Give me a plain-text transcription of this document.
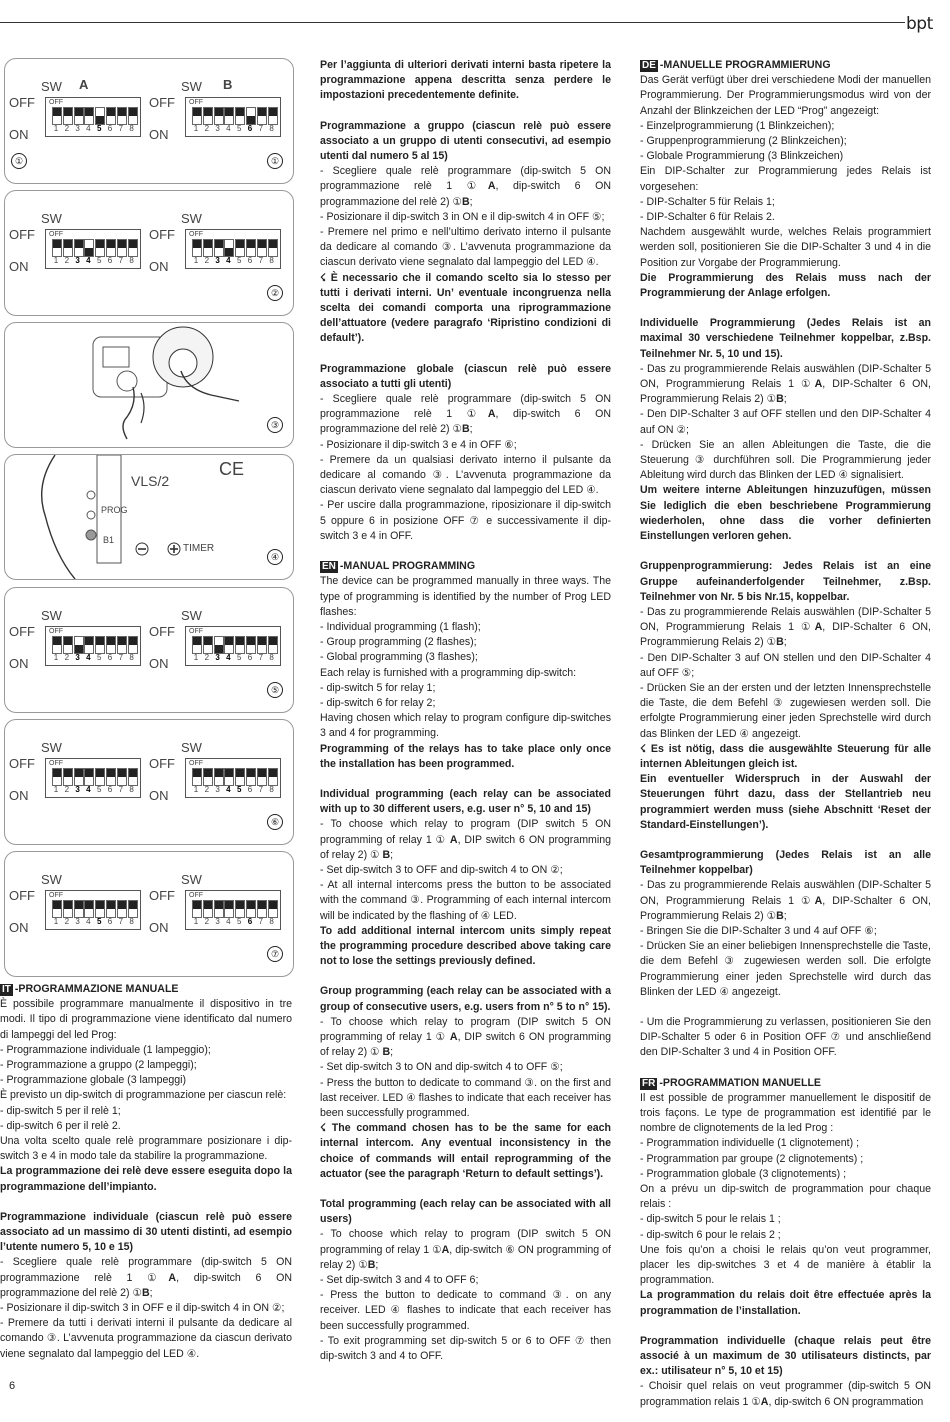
bpt
SW A
OFF
ON
OFF
1 2 3 4 5 6 7 8
SW B
OFF
ON
OFF
1 2 3 4 5 6 7 8
①	①
SW
OFF
ON
OFF
1 2 3 4 5 6 7 8
SW
OFF
ON
OFF
1 2 3 4 5 6 7 8
②
③
VLS/2
CE
PROG
B1
TIMER
④
SW
OFF
ON
OFF
1 2 3 4 5 6 7 8
SW
OFF
ON
OFF
1 2 3 4 5 6 7 8
⑤
SW
OFF
ON
OFF
1 2 3 4 5 6 7 8
SW
OFF
ON
OFF
1 2 3 4 5 6 7 8
⑥
SW
OFF
ON
OFF
1 2 3 4 5 6 7 8
SW
OFF
ON
OFF
1 2 3 4 5 6 7 8
⑦

IT -PROGRAMMAZIONE MANUALE

È possibile programmare manualmente il dispositivo in tre modi. Il tipo di programmazione viene identificato dal numero di lampeggi del led Prog:

- Programmazione individuale (1 lampeggio);

- Programmazione a gruppo (2 lampeggi);

- Programmazione globale (3 lampeggi)

È previsto un dip-switch di programmazione per ciascun relè:

- dip-switch 5 per il relè 1;

- dip-switch 6 per il relè 2.

Una volta scelto quale relè programmare posizionare i dip-switch 3 e 4 in modo tale da stabilire la programmazione.

La programmazione dei relè deve essere eseguita dopo la programmazione dell’impianto.

Programmazione individuale (ciascun relè può essere associato ad un massimo di 30 utenti distinti, ad esempio l’utente numero 5, 10 e 15)

- Scegliere quale relè programmare (dip-switch 5 ON programmazione relè 1 ①A, dip-switch 6 ON programmazione del relè 2) ①B;

- Posizionare il dip-switch 3 in OFF e il dip-switch 4 in ON ②;

- Premere da tutti i derivati interni il pulsante da dedicare al comando ③. L’avvenuta programmazione da ciascun derivato viene segnalato dal lampeggio del LED ④.

Per l’aggiunta di ulteriori derivati interni basta ripetere la programmazione appena descritta senza perdere le impostazioni precedentemente definite.

Programmazione a gruppo (ciascun relè può essere associato a un gruppo di utenti consecutivi, ad esempio utenti dal numero 5 al 15)

- Scegliere quale relè programmare (dip-switch 5 ON programmazione relè 1 ①A, dip-switch 6 ON programmazione del relè 2) ①B;

- Posizionare il dip-switch 3 in ON e il dip-switch 4 in OFF ⑤;

- Premere nel primo e nell’ultimo derivato interno il pulsante da dedicare al comando ③. L’avvenuta programmazione da ciascun derivato viene segnalato dal lampeggio del LED ④.

☇ È necessario che il comando scelto sia lo stesso per tutti i derivati interni. Un’ eventuale incongruenza nella scelta dei comandi comporta una riprogrammazione dell’attuatore (vedere paragrafo ‘Ripristino condizioni di default’).

Programmazione globale (ciascun relè può essere associato a tutti gli utenti)

- Scegliere quale relè programmare (dip-switch 5 ON programmazione relè 1 ①A, dip-switch 6 ON programmazione del relè 2) ①B;

- Posizionare il dip-switch 3 e 4 in OFF ⑥;

- Premere da un qualsiasi derivato interno il pulsante da dedicare al comando ③. L’avvenuta programmazione da ciascun derivato viene segnalato dal lampeggio del LED ④.

- Per uscire dalla programmazione, riposizionare il dip-switch 5 oppure 6 in posizione OFF ⑦ e successivamente il dip-switch 3 e 4 in OFF.

EN -MANUAL PROGRAMMING

The device can be programmed manually in three ways. The type of programming is identified by the number of Prog LED flashes:

- Individual programming (1 flash);

- Group programming (2 flashes);

- Global programming (3 flashes);

Each relay is furnished with a programming dip-switch:

- dip-switch 5 for relay 1;

- dip-switch 6 for relay 2;

Having chosen which relay to program configure dip-switches 3 and 4 for programming.

Programming of the relays has to take place only once the installation has been programmed.

Individual programming (each relay can be associated with up to 30 different users, e.g. user n° 5, 10 and 15)

- To choose which relay to program (DIP switch 5 ON programming of relay 1 ① A, DIP switch 6 ON programming of relay 2) ① B;

- Set dip-switch 3 to OFF and dip-switch 4 to ON ②;

- At all internal intercoms press the button to be associated with the command ③. Programming of each internal intercom will be indicated by the flashing of ④ LED.

To add additional internal intercom units simply repeat the programming procedure described above taking care not to lose the settings previously defined.

Group programming (each relay can be associated with a group of consecutive users, e.g. users from n° 5 to n° 15).

- To choose which relay to program (DIP switch 5 ON programming of relay 1 ① A, DIP switch 6 ON programming of relay 2) ① B;

- Set dip-switch 3 to ON and dip-switch 4 to OFF ⑤;

- Press the button to dedicate to command ③. on the first and last receiver. LED ④ flashes to indicate that each receiver has been successfully programmed.

☇ The command chosen has to be the same for each internal intercom. Any eventual inconsistency in the choice of commands will entail reprogramming of the actuator (see the paragraph ‘Return to default settings’).

Total programming (each relay can be associated with all users)

- To choose which relay to program (DIP switch 5 ON programming of relay 1 ①A, dip-switch ⑥ ON programming of relay 2) ①B;

- Set dip-switch 3 and 4 to OFF 6;

- Press the button to dedicate to command ③. on any receiver. LED ④ flashes to indicate that each receiver has been successfully programmed.

- To exit programming set dip-switch 5 or 6 to OFF ⑦ then dip-switch 3 and 4 to OFF.

DE -MANUELLE PROGRAMMIERUNG

Das Gerät verfügt über drei verschiedene Modi der manuellen Programmierung. Der Programmierungsmodus wird von der Anzahl der Blinkzeichen der LED “Prog” angezeigt:

- Einzelprogrammierung (1 Blinkzeichen);

- Gruppenprogrammierung (2 Blinkzeichen);

- Globale Programmierung (3 Blinkzeichen)

Ein DIP-Schalter zur Programmierung jedes Relais ist vorgesehen:

- DIP-Schalter 5 für Relais 1;

- DIP-Schalter 6 für Relais 2.

Nachdem ausgewählt wurde, welches Relais programmiert werden soll, positionieren Sie die DIP-Schalter 3 und 4 in die Position zur Vorgabe der Programmierung.

Die Programmierung des Relais muss nach der Programmierung der Anlage erfolgen.

Individuelle Programmierung (Jedes Relais ist an maximal 30 verschiedene Teilnehmer koppelbar, z.Bsp. Teilnehmer Nr. 5, 10 und 15).

- Das zu programmierende Relais auswählen (DIP-Schalter 5 ON, Programmierung Relais 1 ①A, DIP-Schalter 6 ON, Programmierung Relais 2) ①B;

- Den DIP-Schalter 3 auf OFF stellen und den DIP-Schalter 4 auf ON ②;

- Drücken Sie an allen Ableitungen die Taste, die die Steuerung ③ durchführen soll. Die Programmierung jeder Ableitung wird durch das Blinken der LED ④ signalisiert.

Um weitere interne Ableitungen hinzuzufügen, müssen Sie lediglich die eben beschriebene Programmierung wiederholen, ohne dass die vorher definierten Einstellungen verloren gehen.

Gruppenprogrammierung: Jedes Relais ist an eine Gruppe aufeinanderfolgender Teilnehmer, z.Bsp. Teilnehmer von Nr. 5 bis Nr.15, koppelbar.

- Das zu programmierende Relais auswählen (DIP-Schalter 5 ON, Programmierung Relais 1 ①A, DIP-Schalter 6 ON, Programmierung Relais 2) ①B;

- Den DIP-Schalter 3 auf ON stellen und den DIP-Schalter 4 auf OFF ⑤;

- Drücken Sie an der ersten und der letzten Innensprechstelle die Taste, die dem Befehl ③ zugewiesen werden soll. Die erfolgte Programmierung einer jeden Sprechstelle wird durch das Blinken der LED ④ angezeigt.

☇ Es ist nötig, dass die ausgewählte Steuerung für alle internen Ableitungen gleich ist.

Ein eventueller Widerspruch in der Auswahl der Steuerungen führt dazu, dass der Stellantrieb neu programmiert werden muss (siehe Abschnitt ‘Reset der Standard-Einstellungen’).

Gesamtprogrammierung (Jedes Relais ist an alle Teilnehmer koppelbar)

- Das zu programmierende Relais auswählen (DIP-Schalter 5 ON, Programmierung Relais 1 ①A, DIP-Schalter 6 ON, Programmierung Relais 2) ①B;

- Bringen Sie die DIP-Schalter 3 und 4 auf OFF ⑥;

- Drücken Sie an einer beliebigen Innensprechstelle die Taste, die dem Befehl ③ zugewiesen werden soll. Die erfolgte Programmierung einer jeden Sprechstelle wird durch das Blinken der LED ④ angezeigt.

- Um die Programmierung zu verlassen, positionieren Sie den DIP-Schalter 5 oder 6 in Position OFF ⑦ und anschließend den DIP-Schalter 3 und 4 in Position OFF.

FR -PROGRAMMATION MANUELLE

Il est possible de programmer manuellement le dispositif de trois façons. Le type de programmation est identifié par le nombre de clignotements de la led Prog :

- Programmation individuelle (1 clignotement) ;

- Programmation par groupe (2 clignotements) ;

- Programmation globale (3 clignotements) ;

On a prévu un dip-switch de programmation pour chaque relais :

- dip-switch 5 pour le relais 1 ;

- dip-switch 6 pour le relais 2 ;

Une fois qu’on a choisi le relais qu’on veut programmer, placer les dip-switches 3 et 4 de manière à établir la programmation.

La programmation du relais doit être effectuée après la programmation de l’installation.

Programmation individuelle (chaque relais peut être associé à un maximum de 30 utilisateurs distincts, par ex.: utilisateur n° 5, 10 et 15)

- Choisir quel relais on veut programmer (dip-switch 5 ON programmation relais 1 ①A, dip-switch 6 ON programmation

6
